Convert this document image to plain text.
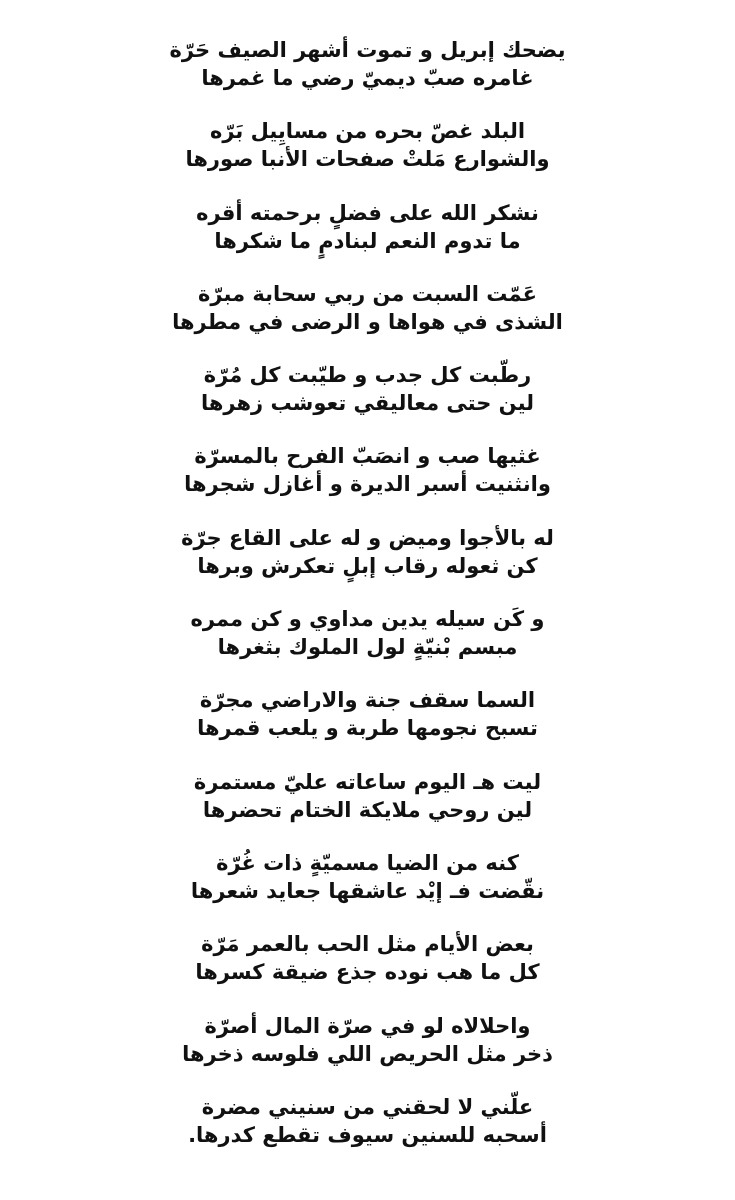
يضحك إبريل و تموت أشهر الصيف حَرّة
غامره صبّ ديميّ رضي ما غمرها
البلد غصّ بحره من مسايِيل بَرّه
والشوارع مَلتْ صفحات الأنبا صورها
نشكر الله على فضلٍ برحمته أقره
ما تدوم النعم لبنادمٍ ما شكرها
عَمّت السبت من ربي سحابة مبرّة
الشذى في هواها و الرضى في مطرها
رطّبت كل جدب و طيّبت كل مُرّة
لين حتى معاليقي تعوشب زهرها
غثيها صب و انصَبّ الفرح بالمسرّة
وانثنيت أسبر الديرة و أغازل شجرها
له بالأجوا وميض و له على القاع جرّة
كن ثعوله رقاب إبلٍ تعكرش وبرها
و كَن سيله يدين مداوي و كن ممره
مبسم بْنيّةٍ لول الملوك بثغرها
السما سقف جنة والاراضي مجرّة
تسبح نجومها طربة و يلعب قمرها
ليت هـ اليوم ساعاته عليّ مستمرة
لين روحي ملايكة الختام تحضرها
كنه من الضيا مسميّةٍ ذات غُرّة
نقّضت فـ إيْد عاشقها جعايد شعرها
بعض الأيام مثل الحب بالعمر مَرّة
كل ما هب نوده جذع ضيقة كسرها
واحلالاه لو في صرّة المال أصرّة
ذخر مثل الحريص اللي فلوسه ذخرها
علّني لا لحقني من سنيني مضرة
أسحبه للسنين سيوف تقطع كدرها.
